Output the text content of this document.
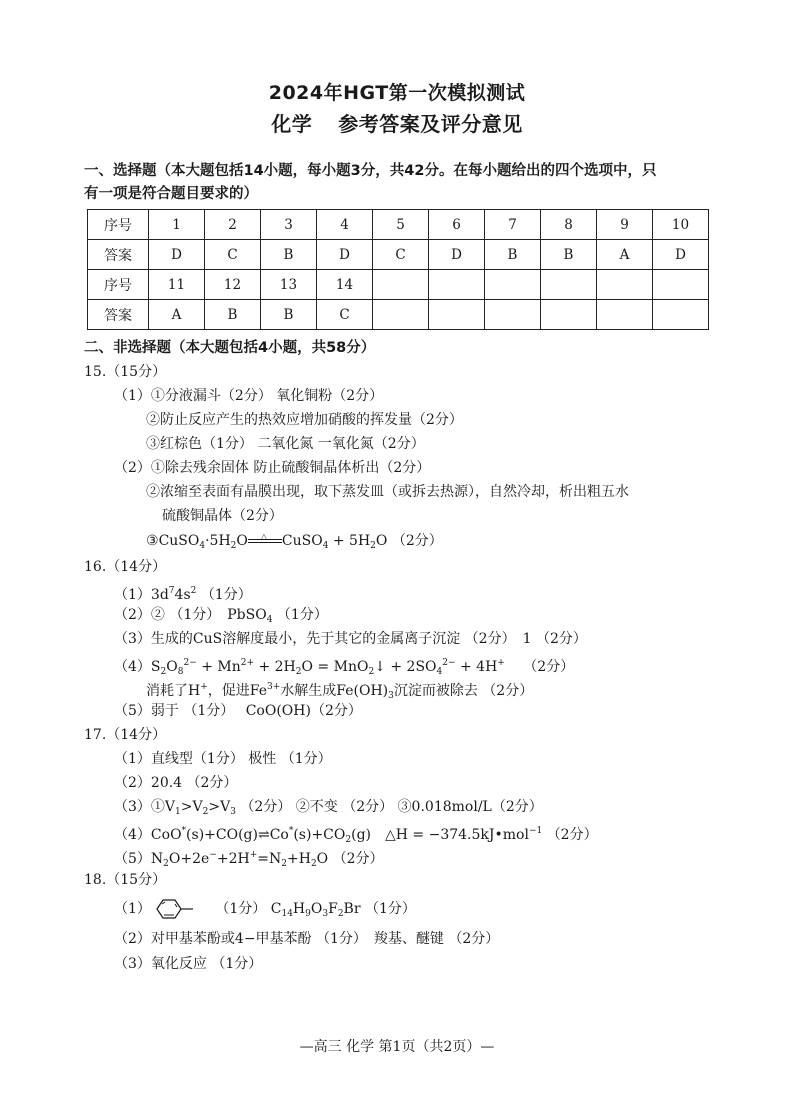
2024年HGT第一次模拟测试
化学 参考答案及评分意见
一、选择题（本大题包括14小题，每小题3分，共42分。在每小题给出的四个选项中，只
有一项是符合题目要求的）
序号	1	2	3	4	5	6	7	8	9	10
答案	D	C	B	D	C	D	B	B	A	D
序号	11	12	13	14						
答案	A	B	B	C						
二、非选择题（本大题包括4小题，共58分）
15.（15分）
（1）①分液漏斗（2分） 氧化铜粉（2分）
②防止反应产生的热效应增加硝酸的挥发量（2分）
③红棕色（1分） 二氧化氮 一氧化氮（2分）
（2）①除去残余固体 防止硫酸铜晶体析出（2分）
②浓缩至表面有晶膜出现，取下蒸发皿（或拆去热源），自然冷却，析出粗五水
硫酸铜晶体（2分）
$③CuSO_4\cdot 5H_2O$ △ CuSO$_4$ + $5H_2O$ （2分）
16.（14分）
$(1)3d^74s^2$ （1分）
（2）② （1分）　PbSO$_4$ （1分）
（3）生成的CuS溶解度最小，先于其它的金属离子沉淀 （2分）　1 （2分）
$(4)S_2O_8^{2-} + Mn^{2+} + 2H_2O$ = MnO$_2$↓ + $2SO_4^{2-} + 4H^+$　 （2分）
消耗了H+，促进$Fe^{3+}$水解生成$Fe(OH)_3$沉淀而被除去 （2分）
（5）弱于 （1分）　 CoO(OH)（2分）
17.（14分）
（1）直线型（1分） 极性 （1分）
（2）20.4 （2分）
$(3)①V_1>V_2>V_3$ （2分） ②不变 （2分） ③0.018mol/L（2分）
$(4)CoO^*(s)+CO(g)\rightleftharpoons Co^*(s)+CO_2(g)$　△H = −374.5kJ•mol$^{-1}$ （2分）
$(5)N_2O+2e^-+2H^+=N_2+H_2O$ （2分）
18.（15分）
（1）　	（1分） $C_{14}H_9O_3F_2Br$ （1分）
（2）对甲基苯酚或4−甲基苯酚 （1分）　羧基、醚键 （2分）
（3）氧化反应 （1分）
—高三 化学 第1页（共2页）—
